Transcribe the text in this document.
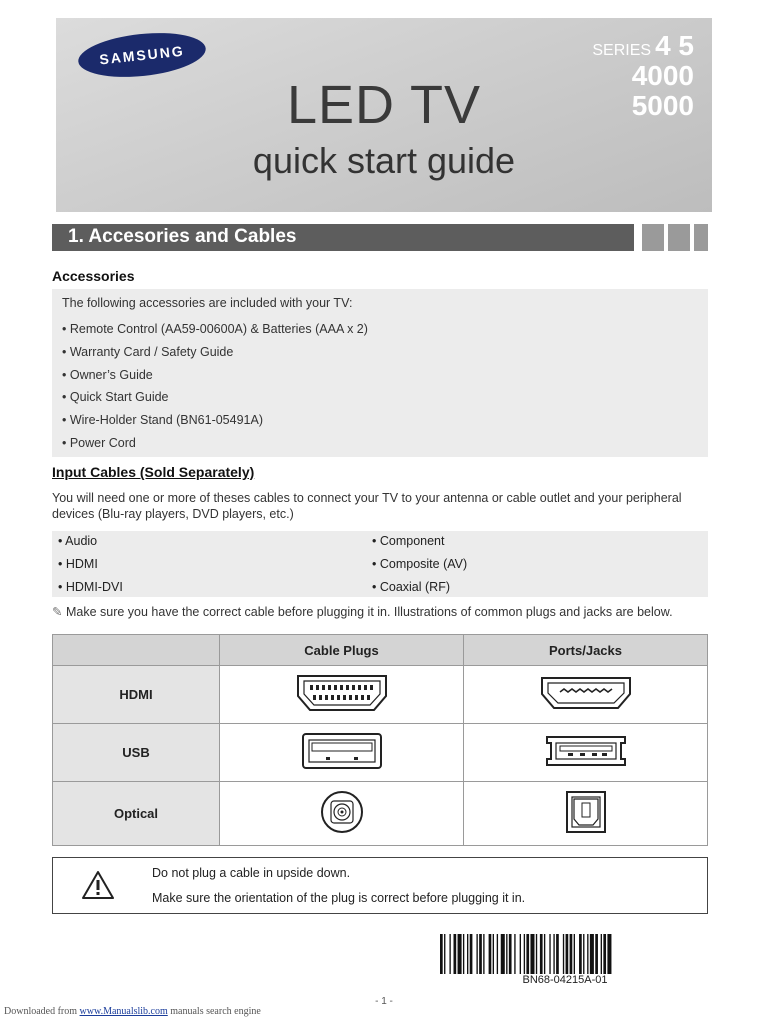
SAMSUNG	SERIES 4 5
4000
5000
LED TV
quick start guide
1. Accesories and Cables
Accessories

The following accessories are included with your TV:

• Remote Control (AA59-00600A) & Batteries (AAA x 2)

• Warranty Card / Safety Guide

• Owner’s Guide

• Quick Start Guide

• Wire-Holder Stand (BN61-05491A)

• Power Cord

Input Cables (Sold Separately)
You will need one or more of theses cables to connect your TV to your antenna or cable outlet and your peripheral devices (Blu-ray players, DVD players, etc.)
• Audio
• HDMI
• HDMI-DVI
• Component
• Composite (AV)
• Coaxial (RF)
✎ Make sure you have the correct cable before plugging it in. Illustrations of common plugs and jacks are below.
	Cable Plugs	Ports/Jacks
HDMI		
USB		
Optical		
Do not plug a cable in upside down.
Make sure the orientation of the plug is correct before plugging it in.
BN68-04215A-01
- 1 -
Downloaded from www.Manualslib.com manuals search engine
